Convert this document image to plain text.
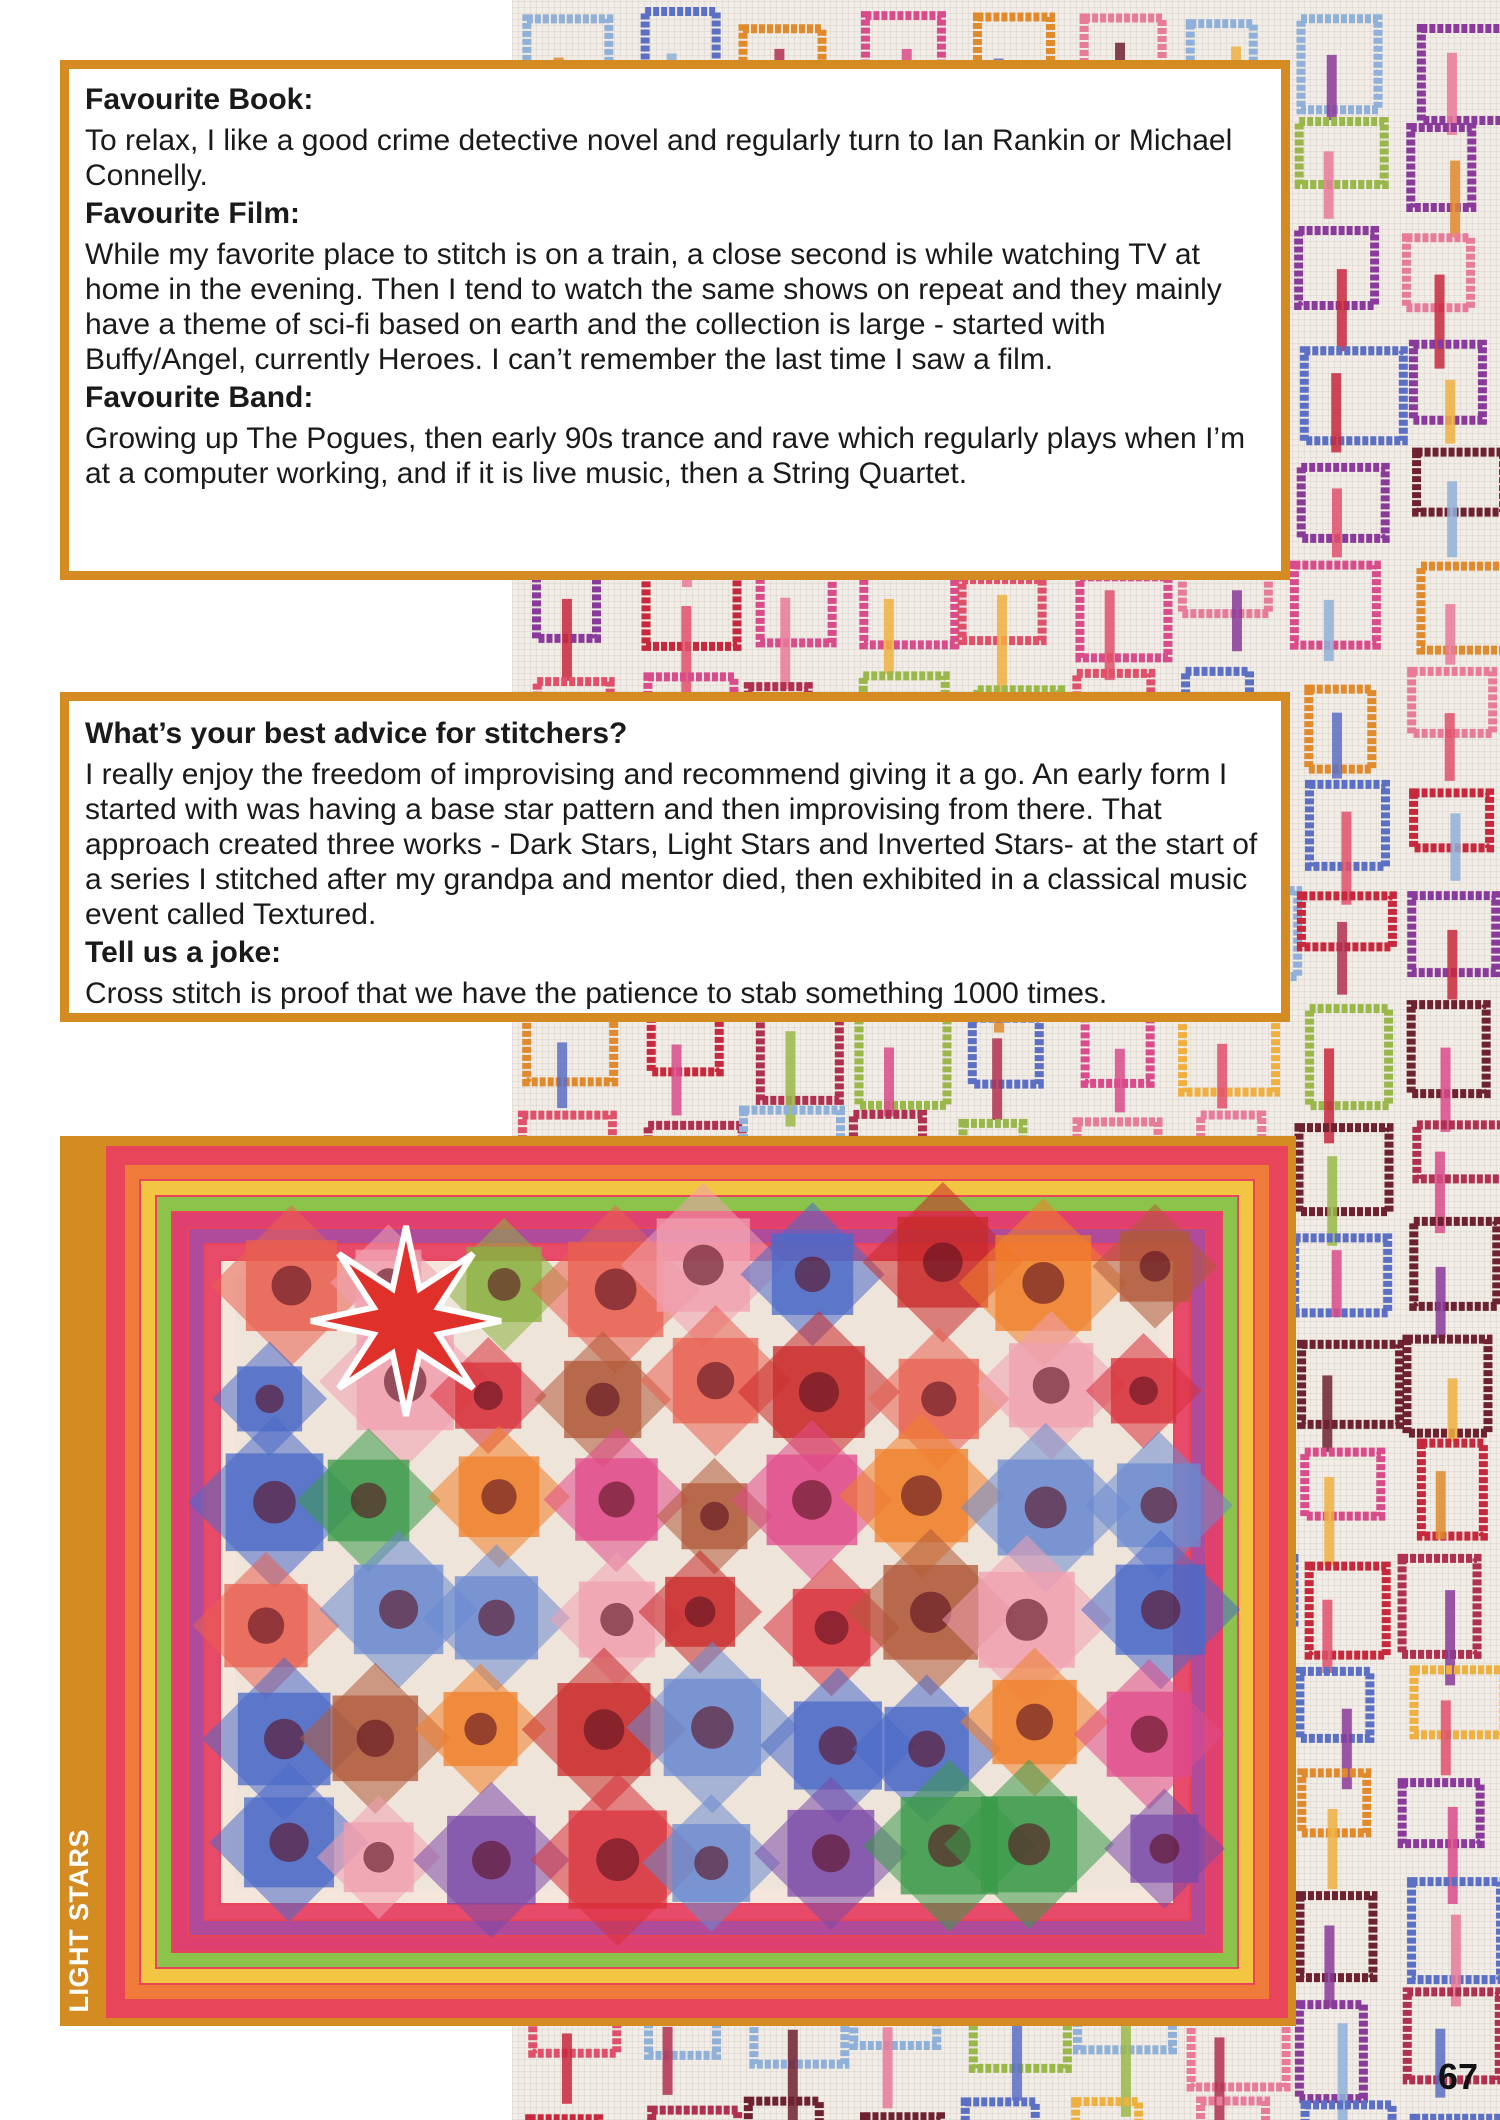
Favourite Book:

To relax, I like a good crime detective novel and regularly turn to Ian Rankin or Michael Connelly.

Favourite Film:

While my favorite place to stitch is on a train, a close second is while watching TV at home in the evening. Then I tend to watch the same shows on repeat and they mainly have a theme of sci-fi based on earth and the collection is large - started with Buffy/Angel, currently Heroes. I can’t remember the last time I saw a film.

Favourite Band:

Growing up The Pogues, then early 90s trance and rave which regularly plays when I’m at a computer working, and if it is live music, then a String Quartet.

What’s your best advice for stitchers?

I really enjoy the freedom of improvising and recommend giving it a go. An early form I started with was having a base star pattern and then improvising from there. That approach created three works - Dark Stars, Light Stars and Inverted Stars- at the start of a series I stitched after my grandpa and mentor died, then exhibited in a classical music event called Textured.

Tell us a joke:

Cross stitch is proof that we have the patience to stab something 1000 times.

LIGHT STARS
67
